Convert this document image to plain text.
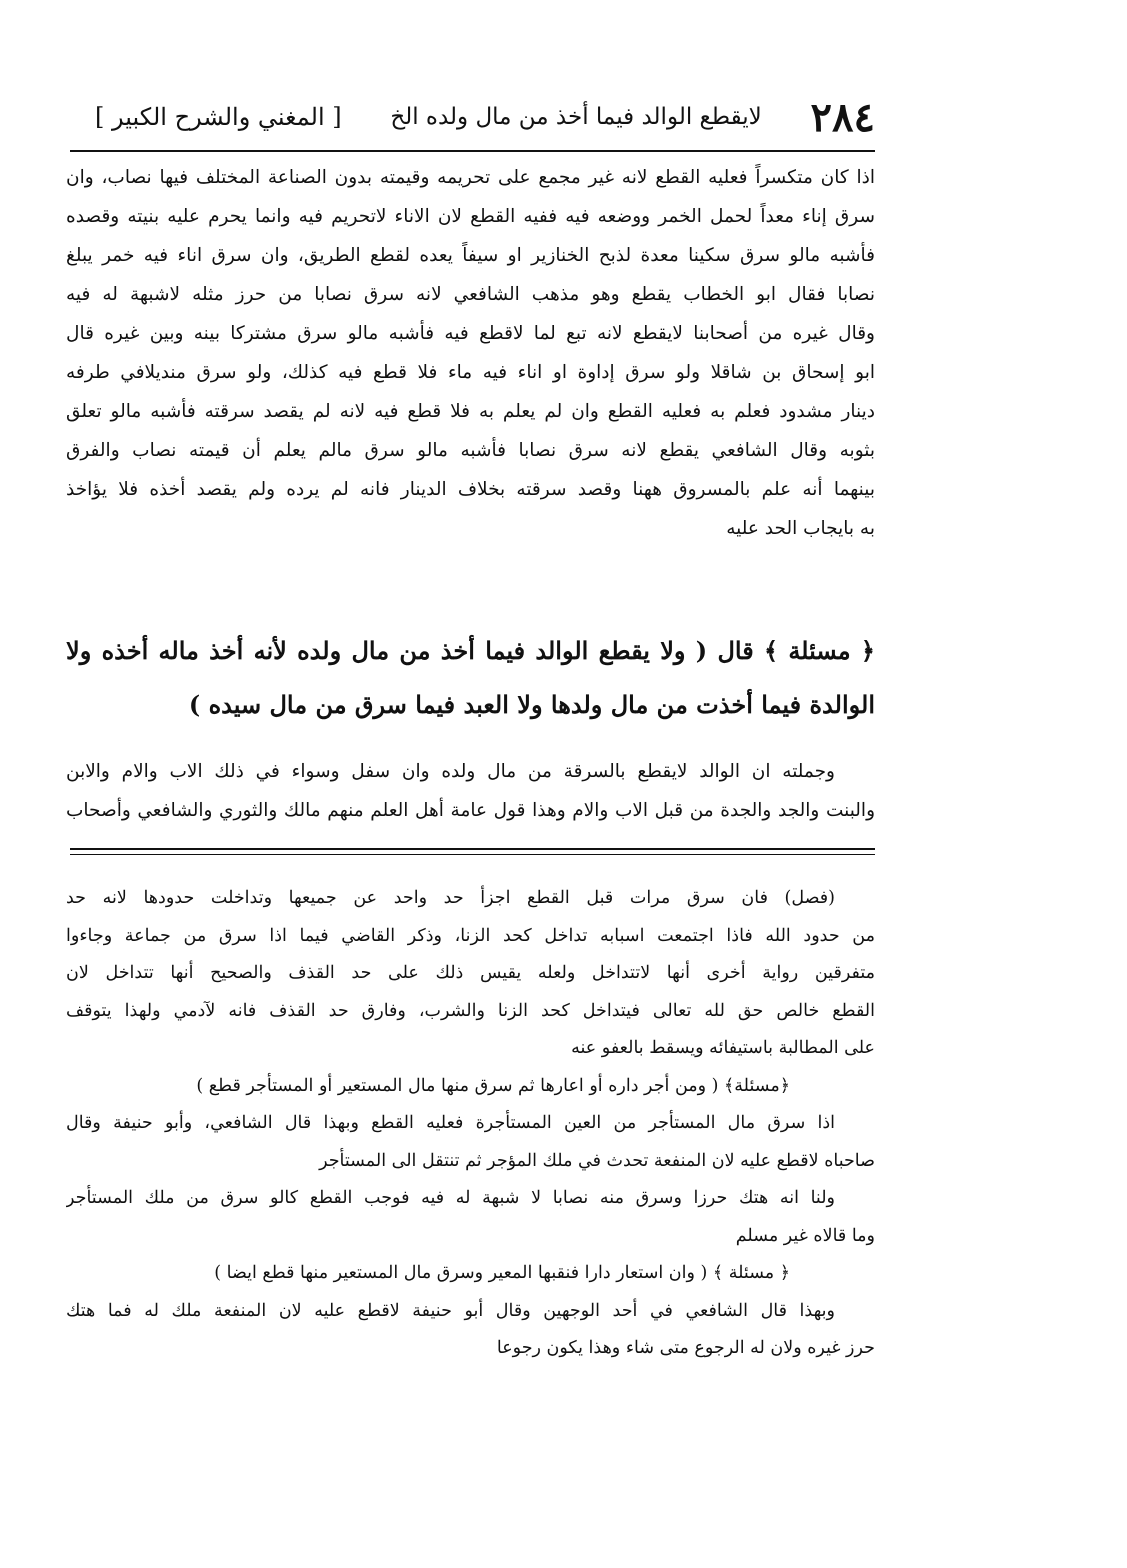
٢٨٤
لايقطع الوالد فيما أخذ من مال ولده الخ
[ المغني والشرح الكبير ]
اذا كان متكسراً فعليه القطع لانه غير مجمع على تحريمه وقيمته بدون الصناعة المختلف فيها نصاب، وان
سرق إناء معداً لحمل الخمر ووضعه فيه ففيه القطع لان الاناء لاتحريم فيه وانما يحرم عليه بنيته وقصده
فأشبه مالو سرق سكينا معدة لذبح الخنازير او سيفاً يعده لقطع الطريق، وان سرق اناء فيه خمر يبلغ
نصابا فقال ابو الخطاب يقطع وهو مذهب الشافعي لانه سرق نصابا من حرز مثله لاشبهة له فيه
وقال غيره من أصحابنا لايقطع لانه تبع لما لاقطع فيه فأشبه مالو سرق مشتركا بينه وبين غيره قال
ابو إسحاق بن شاقلا ولو سرق إداوة او اناء فيه ماء فلا قطع فيه كذلك، ولو سرق منديلافي طرفه
دينار مشدود فعلم به فعليه القطع وان لم يعلم به فلا قطع فيه لانه لم يقصد سرقته فأشبه مالو تعلق
بثوبه وقال الشافعي يقطع لانه سرق نصابا فأشبه مالو سرق مالم يعلم أن قيمته نصاب والفرق
بينهما أنه علم بالمسروق ههنا وقصد سرقته بخلاف الدينار فانه لم يرده ولم يقصد أخذه فلا يؤاخذ
به بايجاب الحد عليه
﴿ مسئلة ﴾ قال ( ولا يقطع الوالد فيما أخذ من مال ولده لأنه أخذ ماله أخذه ولا
الوالدة فيما أخذت من مال ولدها ولا العبد فيما سرق من مال سيده )
وجملته ان الوالد لايقطع بالسرقة من مال ولده وان سفل وسواء في ذلك الاب والام والابن
والبنت والجد والجدة من قبل الاب والام وهذا قول عامة أهل العلم منهم مالك والثوري والشافعي وأصحاب
(فصل) فان سرق مرات قبل القطع اجزأ حد واحد عن جميعها وتداخلت حدودها لانه حد
من حدود الله فاذا اجتمعت اسبابه تداخل كحد الزنا، وذكر القاضي فيما اذا سرق من جماعة وجاءوا
متفرقين رواية أخرى أنها لاتتداخل ولعله يقيس ذلك على حد القذف والصحيح أنها تتداخل لان
القطع خالص حق لله تعالى فيتداخل كحد الزنا والشرب، وفارق حد القذف فانه لآدمي ولهذا يتوقف
على المطالبة باستيفائه ويسقط بالعفو عنه
﴿مسئلة﴾ ( ومن أجر داره أو اعارها ثم سرق منها مال المستعير أو المستأجر قطع )
اذا سرق مال المستأجر من العين المستأجرة فعليه القطع وبهذا قال الشافعي، وأبو حنيفة وقال
صاحباه لاقطع عليه لان المنفعة تحدث في ملك المؤجر ثم تنتقل الى المستأجر
ولنا انه هتك حرزا وسرق منه نصابا لا شبهة له فيه فوجب القطع كالو سرق من ملك المستأجر
وما قالاه غير مسلم
﴿ مسئلة ﴾ ( وان استعار دارا فنقبها المعير وسرق مال المستعير منها قطع ايضا )
وبهذا قال الشافعي في أحد الوجهين وقال أبو حنيفة لاقطع عليه لان المنفعة ملك له فما هتك
حرز غيره ولان له الرجوع متى شاء وهذا يكون رجوعا
